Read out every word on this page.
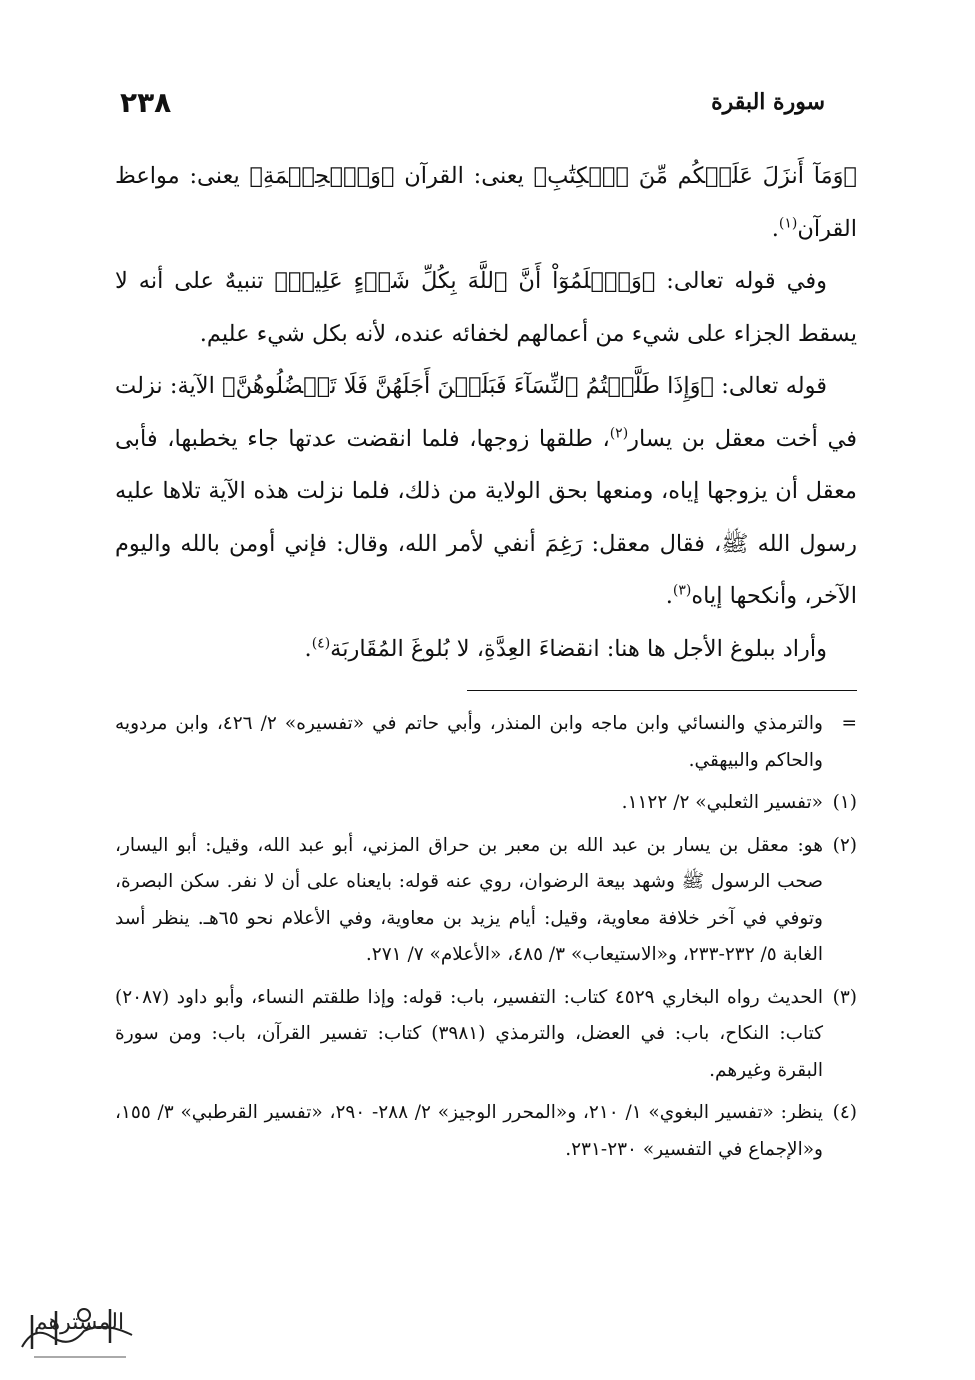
سورة البقرة
٢٣٨

﴿وَمَآ أَنزَلَ عَلَيۡكُم مِّنَ ٱلۡكِتَٰبِ﴾ يعنى: القرآن ﴿وَٱلۡحِكۡمَةِ﴾ يعنى: مواعظ القرآن$^{(١)}$.

وفي قوله تعالى: ﴿وَٱعۡلَمُوٓاْ أَنَّ ٱللَّهَ بِكُلِّ شَيۡءٍ عَلِيمٞ﴾ تنبيهٌ على أنه لا يسقط الجزاء على شيء من أعمالهم لخفائه عنده، لأنه بكل شيء عليم.

قوله تعالى: ﴿وَإِذَا طَلَّقۡتُمُ ٱلنِّسَآءَ فَبَلَغۡنَ أَجَلَهُنَّ فَلَا تَعۡضُلُوهُنَّ﴾ الآية: نزلت في أخت معقل بن يسار$^{(٢)}$، طلقها زوجها، فلما انقضت عدتها جاء يخطبها، فأبى معقل أن يزوجها إياه، ومنعها بحق الولاية من ذلك، فلما نزلت هذه الآية تلاها عليه رسول الله ﷺ، فقال معقل: رَغِمَ أنفي لأمر الله، وقال: فإني أومن بالله واليوم الآخر، وأنكحها إياه$^{(٣)}$.

وأراد ببلوغ الأجل ها هنا: انقضاءَ العِدَّةِ، لا بُلوغَ المُقَاربَة$^{(٤)}$.

=
والترمذي والنسائي وابن ماجه وابن المنذر، وأبي حاتم في «تفسيره» ٢/ ٤٢٦، وابن مردويه والحاكم والبيهقي.
(١)
«تفسير الثعلبي» ٢/ ١١٢٢.
(٢)
هو: معقل بن يسار بن عبد الله بن معبر بن حراق المزني، أبو عبد الله، وقيل: أبو اليسار، صحب الرسول ﷺ وشهد بيعة الرضوان، روي عنه قوله: بايعناه على أن لا نفر. سكن البصرة، وتوفي في آخر خلافة معاوية، وقيل: أيام يزيد بن معاوية، وفي الأعلام نحو ٦٥هـ. ينظر أسد الغابة ٥/ ٢٣٢-٢٣٣، و«الاستيعاب» ٣/ ٤٨٥، «الأعلام» ٧/ ٢٧١.
(٣)
الحديث رواه البخاري ٤٥٢٩ كتاب: التفسير، باب: قوله: وإذا طلقتم النساء، وأبو داود (٢٠٨٧) كتاب: النكاح، باب: في العضل، والترمذي (٣٩٨١) كتاب: تفسير القرآن، باب: ومن سورة البقرة وغيرهم.
(٤)
ينظر: «تفسير البغوي» ١/ ٢١٠، و«المحرر الوجيز» ٢/ ٢٨٨- ٢٩٠، «تفسير القرطبي» ٣/ ١٥٥، و«الإجماع في التفسير» ٢٣٠-٢٣١.
المسترهم
